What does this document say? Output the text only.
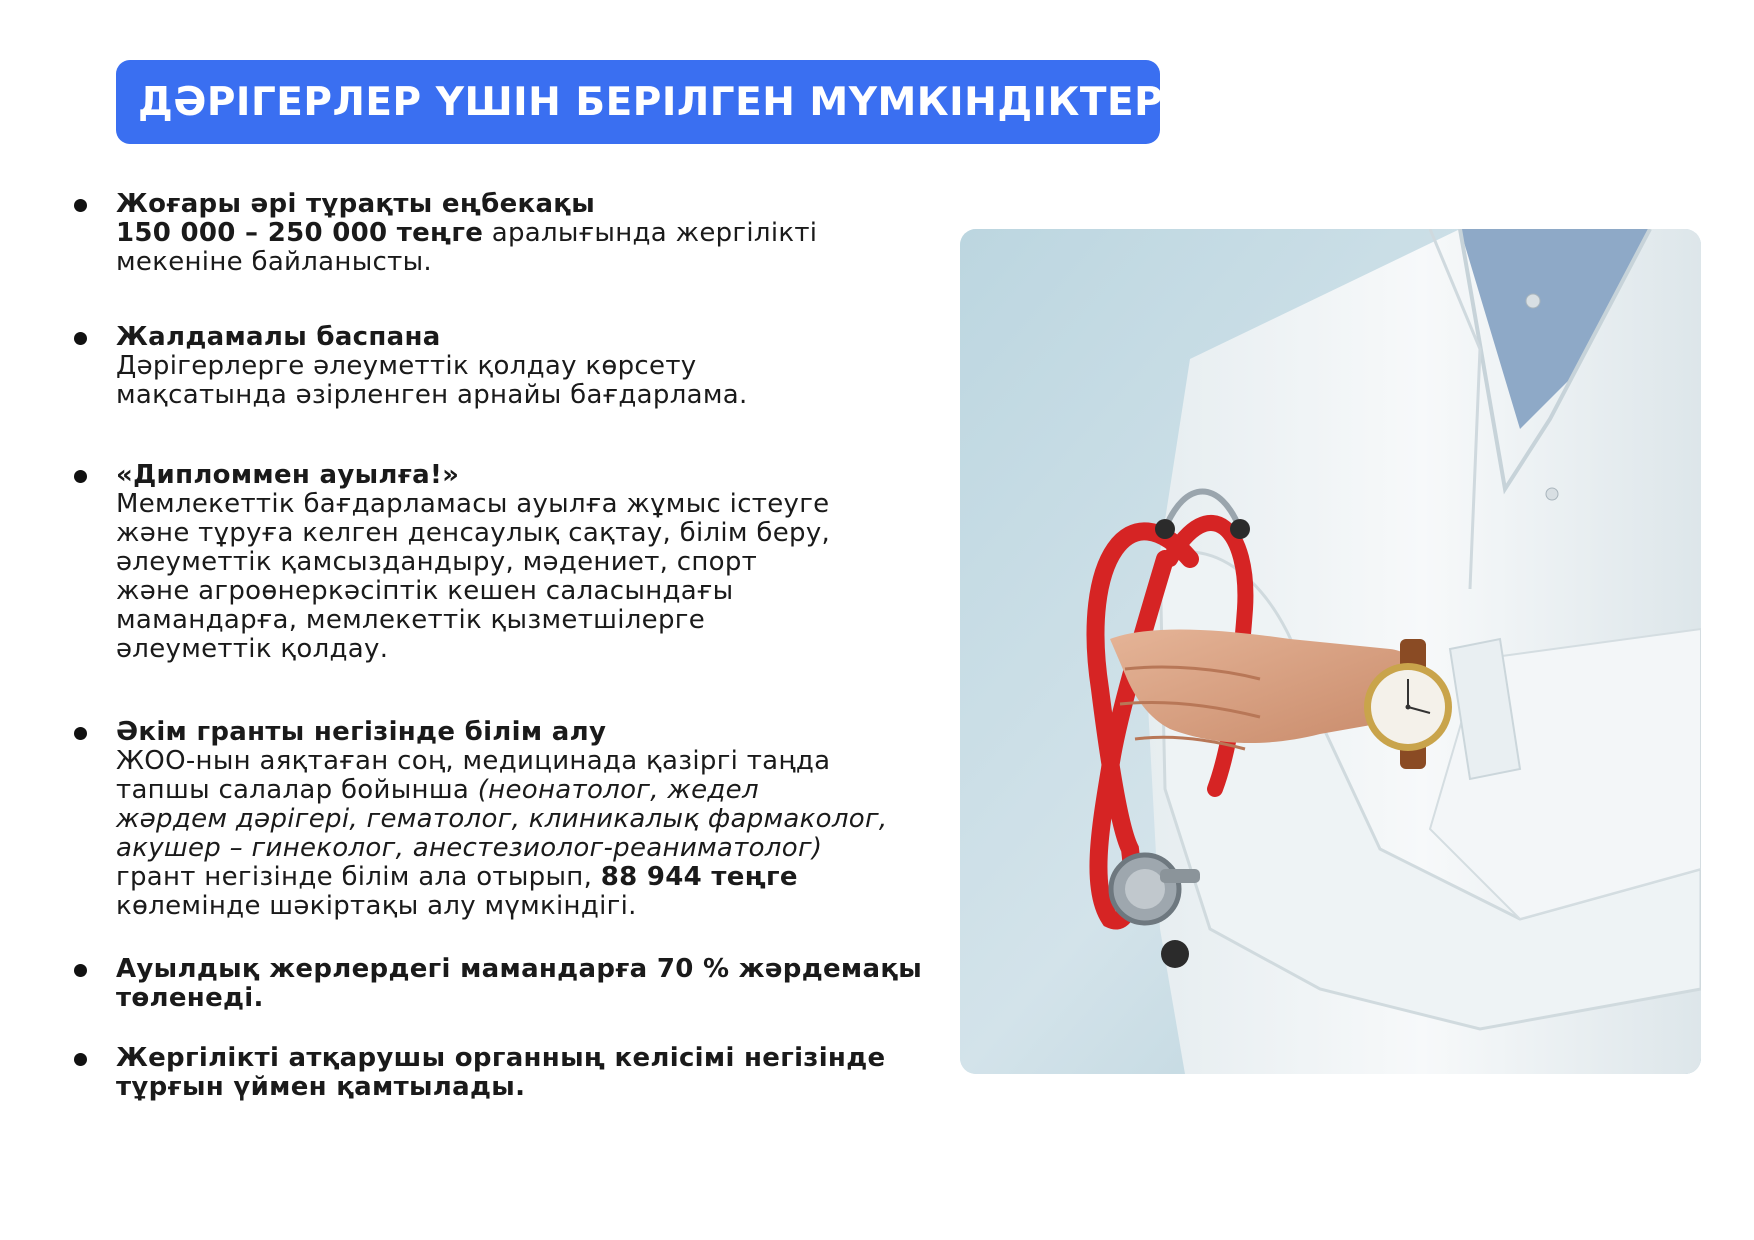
ДӘРІГЕРЛЕР ҮШІН БЕРІЛГЕН МҮМКІНДІКТЕР
Жоғары әрі тұрақты еңбекақы
150 000 – 250 000 теңге аралығында жергілікті
мекеніне байланысты.
Жалдамалы баспана
Дәрігерлерге әлеуметтік қолдау көрсету
мақсатында әзірленген арнайы бағдарлама.
«Дипломмен ауылға!»
Мемлекеттік бағдарламасы ауылға жұмыс істеуге
және тұруға келген денсаулық сақтау, білім беру,
әлеуметтік қамсыздандыру, мәдениет, спорт
және агроөнеркәсіптік кешен саласындағы
мамандарға, мемлекеттік қызметшілерге
әлеуметтік қолдау.
Әкім гранты негізінде білім алу
ЖОО-нын аяқтаған соң, медицинада қазіргі таңда
тапшы салалар бойынша (неонатолог, жедел
жәрдем дәрігері, гематолог, клиникалық фармаколог,
акушер – гинеколог, анестезиолог-реаниматолог)
грант негізінде білім ала отырып, 88 944 теңге
көлемінде шәкіртақы алу мүмкіндігі.
Ауылдық жерлердегі мамандарға 70 % жәрдемақы
төленеді.
Жергілікті атқарушы органның келісімі негізінде
тұрғын үймен қамтылады.
